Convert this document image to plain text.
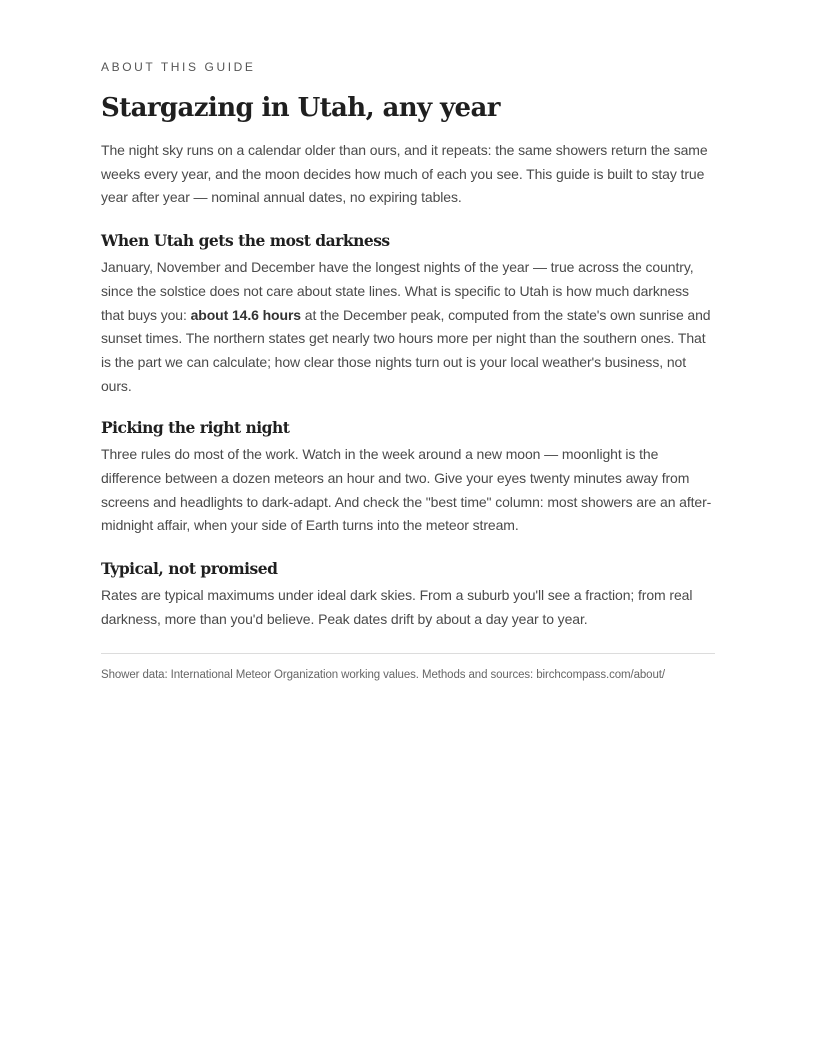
ABOUT THIS GUIDE
Stargazing in Utah, any year

The night sky runs on a calendar older than ours, and it repeats: the same showers return the same weeks every year, and the moon decides how much of each you see. This guide is built to stay true year after year — nominal annual dates, no expiring tables.

When Utah gets the most darkness

January, November and December have the longest nights of the year — true across the country, since the solstice does not care about state lines. What is specific to Utah is how much darkness that buys you: about 14.6 hours at the December peak, computed from the state's own sunrise and sunset times. The northern states get nearly two hours more per night than the southern ones. That is the part we can calculate; how clear those nights turn out is your local weather's business, not ours.

Picking the right night

Three rules do most of the work. Watch in the week around a new moon — moonlight is the difference between a dozen meteors an hour and two. Give your eyes twenty minutes away from screens and headlights to dark-adapt. And check the "best time" column: most showers are an after-midnight affair, when your side of Earth turns into the meteor stream.

Typical, not promised

Rates are typical maximums under ideal dark skies. From a suburb you'll see a fraction; from real darkness, more than you'd believe. Peak dates drift by about a day year to year.

Shower data: International Meteor Organization working values. Methods and sources: birchcompass.com/about/
